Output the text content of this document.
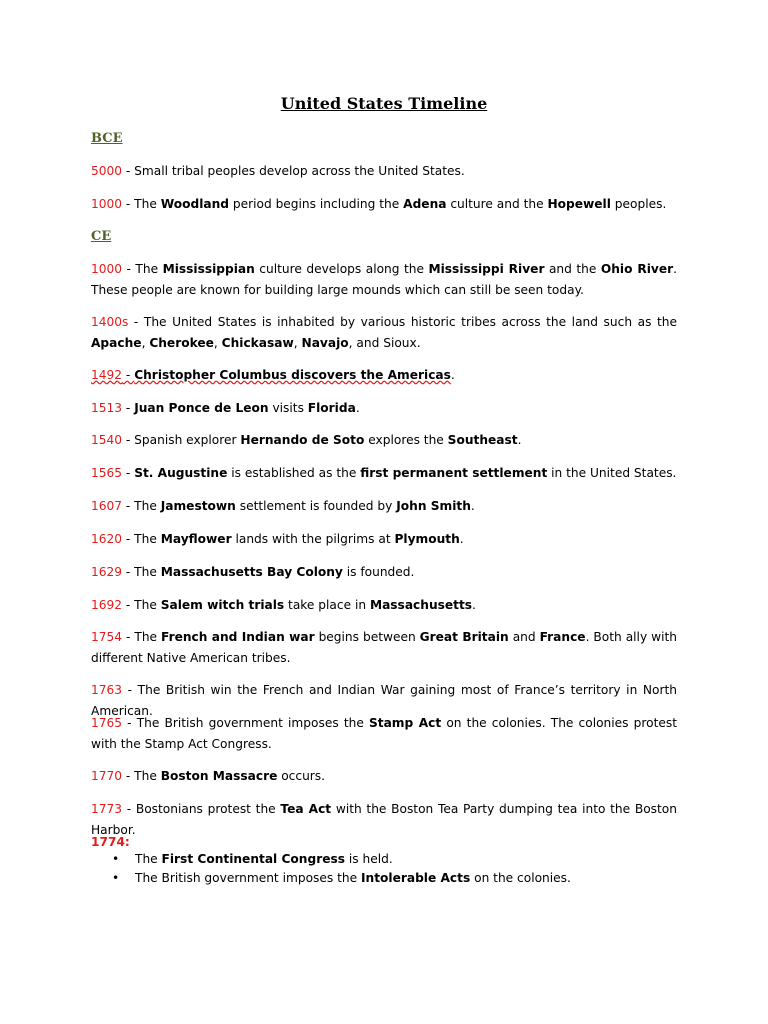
United States Timeline
BCE
5000 - Small tribal peoples develop across the United States.
1000 - The Woodland period begins including the Adena culture and the Hopewell peoples.
CE
1000 - The Mississippian culture develops along the Mississippi River and the Ohio River. These people are known for building large mounds which can still be seen today.
1400s - The United States is inhabited by various historic tribes across the land such as the Apache, Cherokee, Chickasaw, Navajo, and Sioux.
1492 - Christopher Columbus discovers the Americas.
1513 - Juan Ponce de Leon visits Florida.
1540 - Spanish explorer Hernando de Soto explores the Southeast.
1565 - St. Augustine is established as the first permanent settlement in the United States.
1607 - The Jamestown settlement is founded by John Smith.
1620 - The Mayflower lands with the pilgrims at Plymouth.
1629 - The Massachusetts Bay Colony is founded.
1692 - The Salem witch trials take place in Massachusetts.
1754 - The French and Indian war begins between Great Britain and France. Both ally with different Native American tribes.
1763 - The British win the French and Indian War gaining most of France’s territory in North American.
1765 - The British government imposes the Stamp Act on the colonies. The colonies protest with the Stamp Act Congress.
1770 - The Boston Massacre occurs.
1773 - Bostonians protest the Tea Act with the Boston Tea Party dumping tea into the Boston Harbor.
1774:
•	The First Continental Congress is held.
•	The British government imposes the Intolerable Acts on the colonies.
